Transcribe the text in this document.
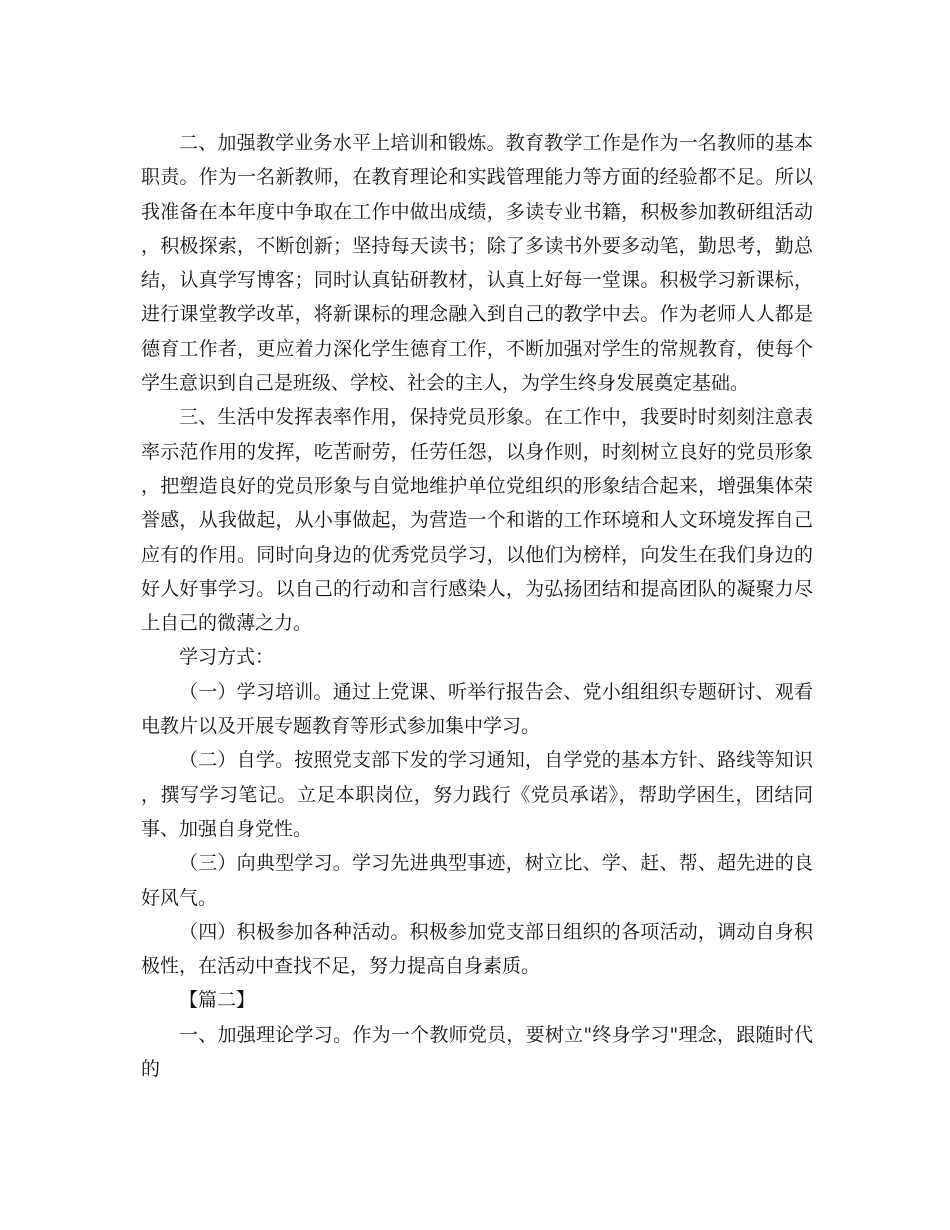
二、加强教学业务水平上培训和锻炼。教育教学工作是作为一名教师的基本职责。作为一名新教师，在教育理论和实践管理能力等方面的经验都不足。所以我准备在本年度中争取在工作中做出成绩，多读专业书籍，积极参加教研组活动，积极探索，不断创新；坚持每天读书；除了多读书外要多动笔，勤思考，勤总结，认真学写博客；同时认真钻研教材，认真上好每一堂课。积极学习新课标，进行课堂教学改革，将新课标的理念融入到自己的教学中去。作为老师人人都是德育工作者，更应着力深化学生德育工作，不断加强对学生的常规教育，使每个学生意识到自己是班级、学校、社会的主人，为学生终身发展奠定基础。

三、生活中发挥表率作用，保持党员形象。在工作中，我要时时刻刻注意表率示范作用的发挥，吃苦耐劳，任劳任怨，以身作则，时刻树立良好的党员形象，把塑造良好的党员形象与自觉地维护单位党组织的形象结合起来，增强集体荣誉感，从我做起，从小事做起，为营造一个和谐的工作环境和人文环境发挥自己应有的作用。同时向身边的优秀党员学习，以他们为榜样，向发生在我们身边的好人好事学习。以自己的行动和言行感染人，为弘扬团结和提高团队的凝聚力尽上自己的微薄之力。

学习方式：

（一）学习培训。通过上党课、听举行报告会、党小组组织专题研讨、观看电教片以及开展专题教育等形式参加集中学习。

（二）自学。按照党支部下发的学习通知，自学党的基本方针、路线等知识，撰写学习笔记。立足本职岗位，努力践行《党员承诺》，帮助学困生，团结同事、加强自身党性。

（三）向典型学习。学习先进典型事迹，树立比、学、赶、帮、超先进的良好风气。

（四）积极参加各种活动。积极参加党支部日组织的各项活动，调动自身积极性，在活动中查找不足，努力提高自身素质。

【篇二】

一、加强理论学习。作为一个教师党员，要树立"终身学习"理念，跟随时代的
